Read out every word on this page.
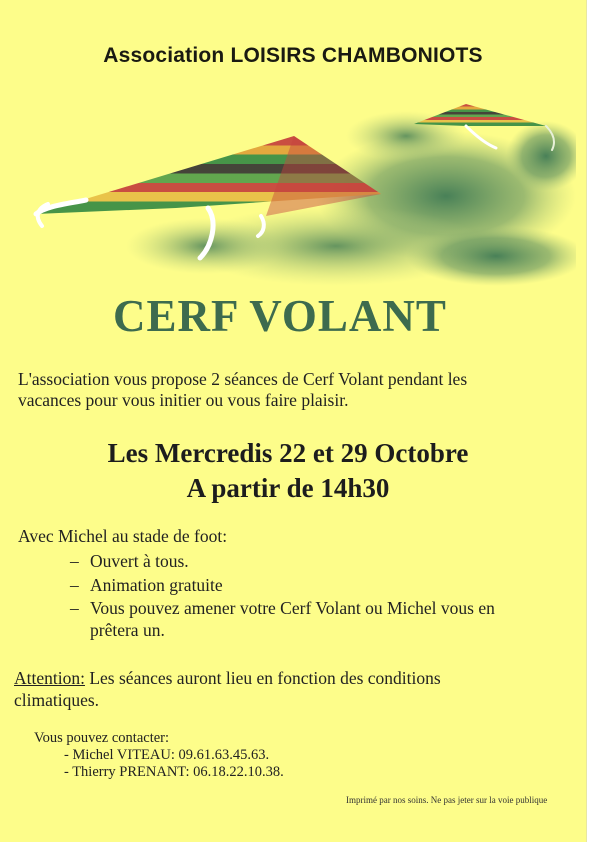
Association LOISIRS CHAMBONIOTS
CERF VOLANT
L'association vous propose 2 séances de Cerf Volant pendant les
vacances pour vous initier ou vous faire plaisir.
Les Mercredis 22 et 29 Octobre
A partir de 14h30
Avec Michel au stade de foot:
– Ouvert à tous.
– Animation gratuite
– Vous pouvez amener votre Cerf Volant ou Michel vous en
prêtera un.
Attention: Les séances auront lieu en fonction des conditions
climatiques.
Vous pouvez contacter:
- Michel VITEAU: 09.61.63.45.63.
- Thierry PRENANT: 06.18.22.10.38.
Imprimé par nos soins. Ne pas jeter sur la voie publique
